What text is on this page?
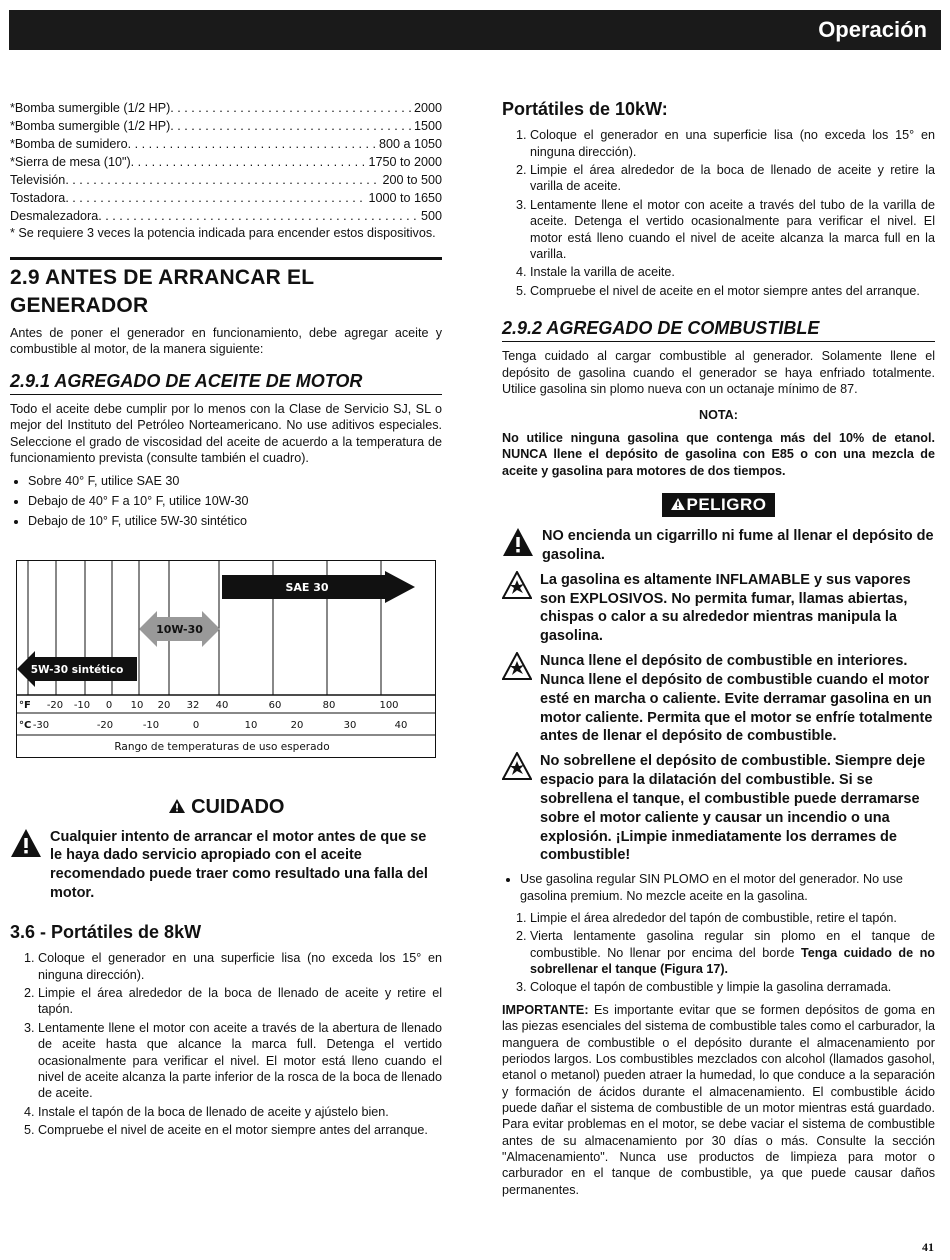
Operación
*Bomba sumergible (1/2 HP) . . .	2000
*Bomba sumergible (1/2 HP) . . .	1500
*Bomba de sumidero . . .	800 a 1050
*Sierra de mesa (10") . . .	1750 to 2000
Televisión . . .	200 to 500
Tostadora . . .	1000 to 1650
Desmalezadora . . .	500
* Se requiere 3 veces la potencia indicada para encender estos dispositivos.
2.9 ANTES DE ARRANCAR EL GENERADOR

Antes de poner el generador en funcionamiento, debe agregar aceite y combustible al motor, de la manera siguiente:

2.9.1 AGREGADO DE ACEITE DE MOTOR

Todo el aceite debe cumplir por lo menos con la Clase de Servicio SJ, SL o mejor del Instituto del Petróleo Norteamericano. No use aditivos especiales. Seleccione el grado de viscosidad del aceite de acuerdo a la temperatura de funcionamiento prevista (consulte también el cuadro).

• Sobre 40° F, utilice SAE 30
• Debajo de 40° F a 10° F, utilice 10W-30
• Debajo de 10° F, utilice 5W-30 sintético
SAE 30
10W-30
5W-30 sintético
°F -20 -10 0 10 20 32 40	60	80	100
°C -30	-20	-10	0	10	20	30	40
Rango de temperaturas de uso esperado
CUIDADO
Cualquier intento de arrancar el motor antes de que se le haya dado servicio apropiado con el aceite recomendado puede traer como resultado una falla del motor.
3.6 - Portátiles de 8kW
1. Coloque el generador en una superficie lisa (no exceda los 15° en ninguna dirección).
2. Limpie el área alrededor de la boca de llenado de aceite y retire el tapón.
3. Lentamente llene el motor con aceite a través de la abertura de llenado de aceite hasta que alcance la marca full. Detenga el vertido ocasionalmente para verificar el nivel. El motor está lleno cuando el nivel de aceite alcanza la parte inferior de la rosca de la boca de llenado de aceite.
4. Instale el tapón de la boca de llenado de aceite y ajústelo bien.
5. Compruebe el nivel de aceite en el motor siempre antes del arranque.
Portátiles de 10kW:
1. Coloque el generador en una superficie lisa (no exceda los 15° en ninguna dirección).
2. Limpie el área alrededor de la boca de llenado de aceite y retire la varilla de aceite.
3. Lentamente llene el motor con aceite a través del tubo de la varilla de aceite. Detenga el vertido ocasionalmente para verificar el nivel. El motor está lleno cuando el nivel de aceite alcanza la marca full en la varilla.
4. Instale la varilla de aceite.
5. Compruebe el nivel de aceite en el motor siempre antes del arranque.
2.9.2 AGREGADO DE COMBUSTIBLE

Tenga cuidado al cargar combustible al generador. Solamente llene el depósito de gasolina cuando el generador se haya enfriado totalmente. Utilice gasolina sin plomo nueva con un octanaje mínimo de 87.

NOTA:

No utilice ninguna gasolina que contenga más del 10% de etanol. NUNCA llene el depósito de gasolina con E85 o con una mezcla de aceite y gasolina para motores de dos tiempos.

PELIGRO
NO encienda un cigarrillo ni fume al llenar el depósito de gasolina.
La gasolina es altamente INFLAMABLE y sus vapores son EXPLOSIVOS. No permita fumar, llamas abiertas, chispas o calor a su alrededor mientras manipula la gasolina.
Nunca llene el depósito de combustible en interiores. Nunca llene el depósito de combustible cuando el motor esté en marcha o caliente. Evite derramar gasolina en un motor caliente. Permita que el motor se enfríe totalmente antes de llenar el depósito de combustible.
No sobrellene el depósito de combustible. Siempre deje espacio para la dilatación del combustible. Si se sobrellena el tanque, el combustible puede derramarse sobre el motor caliente y causar un incendio o una explosión. ¡Limpie inmediatamente los derrames de combustible!
• Use gasolina regular SIN PLOMO en el motor del generador. No use gasolina premium. No mezcle aceite en la gasolina.
1. Limpie el área alrededor del tapón de combustible, retire el tapón.
2. Vierta lentamente gasolina regular sin plomo en el tanque de combustible. No llenar por encima del borde Tenga cuidado de no sobrellenar el tanque (Figura 17).
3. Coloque el tapón de combustible y limpie la gasolina derramada.

IMPORTANTE: Es importante evitar que se formen depósitos de goma en las piezas esenciales del sistema de combustible tales como el carburador, la manguera de combustible o el depósito durante el almacenamiento por periodos largos. Los combustibles mezclados con alcohol (llamados gasohol, etanol o metanol) pueden atraer la humedad, lo que conduce a la separación y formación de ácidos durante el almacenamiento. El combustible ácido puede dañar el sistema de combustible de un motor mientras está guardado. Para evitar problemas en el motor, se debe vaciar el sistema de combustible antes de su almacenamiento por 30 días o más. Consulte la sección "Almacenamiento". Nunca use productos de limpieza para motor o carburador en el tanque de combustible, ya que puede causar daños permanentes.

41
